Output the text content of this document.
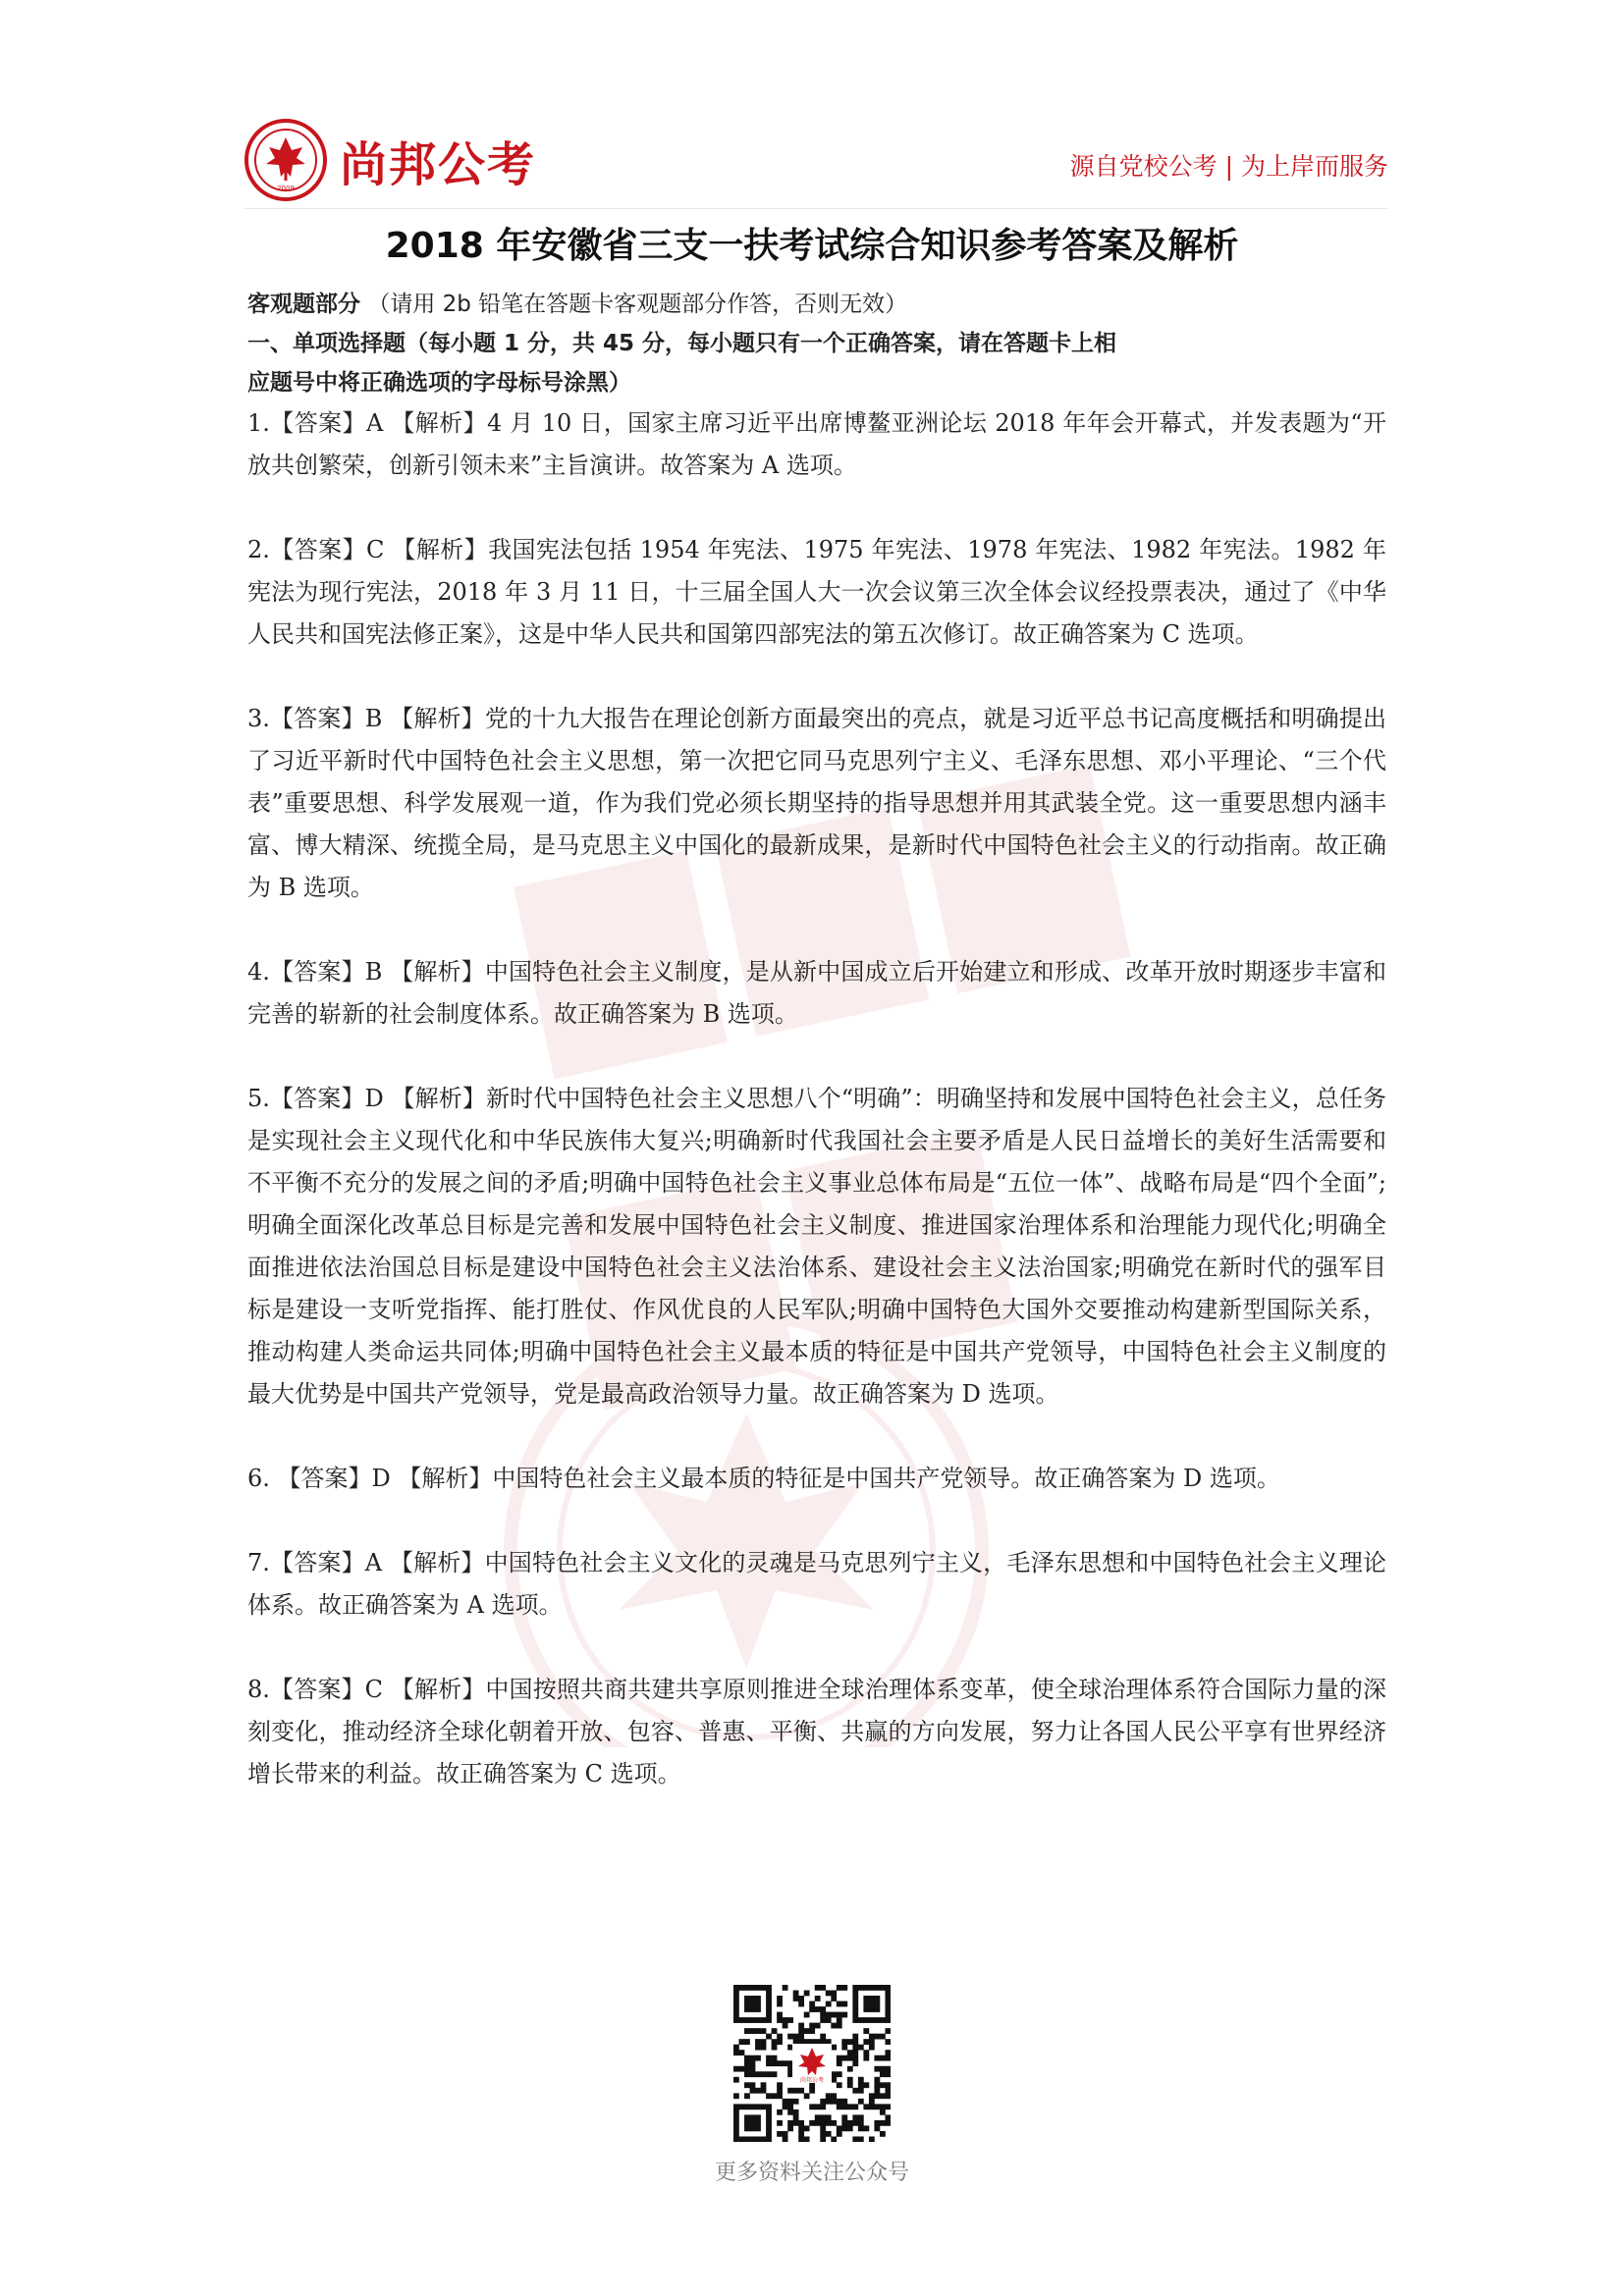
2009 尚邦公考	源自党校公考 | 为上岸而服务
2018 年安徽省三支一扶考试综合知识参考答案及解析
客观题部分 （请用 2b 铅笔在答题卡客观题部分作答，否则无效）
一、单项选择题（每小题 1 分，共 45 分，每小题只有一个正确答案，请在答题卡上相
应题号中将正确选项的字母标号涂黑）

1.【答案】A 【解析】4 月 10 日，国家主席习近平出席博鳌亚洲论坛 2018 年年会开幕式，并发表题为“开放共创繁荣，创新引领未来”主旨演讲。故答案为 A 选项。

2.【答案】C 【解析】我国宪法包括 1954 年宪法、1975 年宪法、1978 年宪法、1982 年宪法。1982 年宪法为现行宪法，2018 年 3 月 11 日，十三届全国人大一次会议第三次全体会议经投票表决，通过了《中华人民共和国宪法修正案》，这是中华人民共和国第四部宪法的第五次修订。故正确答案为 C 选项。

3.【答案】B 【解析】党的十九大报告在理论创新方面最突出的亮点，就是习近平总书记高度概括和明确提出了习近平新时代中国特色社会主义思想，第一次把它同马克思列宁主义、毛泽东思想、邓小平理论、“三个代表”重要思想、科学发展观一道，作为我们党必须长期坚持的指导思想并用其武装全党。这一重要思想内涵丰富、博大精深、统揽全局，是马克思主义中国化的最新成果，是新时代中国特色社会主义的行动指南。故正确为 B 选项。

4.【答案】B 【解析】中国特色社会主义制度，是从新中国成立后开始建立和形成、改革开放时期逐步丰富和完善的崭新的社会制度体系。故正确答案为 B 选项。

5.【答案】D 【解析】新时代中国特色社会主义思想八个“明确”：明确坚持和发展中国特色社会主义，总任务是实现社会主义现代化和中华民族伟大复兴;明确新时代我国社会主要矛盾是人民日益增长的美好生活需要和不平衡不充分的发展之间的矛盾;明确中国特色社会主义事业总体布局是“五位一体”、战略布局是“四个全面”;明确全面深化改革总目标是完善和发展中国特色社会主义制度、推进国家治理体系和治理能力现代化;明确全面推进依法治国总目标是建设中国特色社会主义法治体系、建设社会主义法治国家;明确党在新时代的强军目标是建设一支听党指挥、能打胜仗、作风优良的人民军队;明确中国特色大国外交要推动构建新型国际关系，推动构建人类命运共同体;明确中国特色社会主义最本质的特征是中国共产党领导，中国特色社会主义制度的最大优势是中国共产党领导，党是最高政治领导力量。故正确答案为 D 选项。

6. 【答案】D 【解析】中国特色社会主义最本质的特征是中国共产党领导。故正确答案为 D 选项。

7.【答案】A 【解析】中国特色社会主义文化的灵魂是马克思列宁主义，毛泽东思想和中国特色社会主义理论体系。故正确答案为 A 选项。

8.【答案】C 【解析】中国按照共商共建共享原则推进全球治理体系变革，使全球治理体系符合国际力量的深刻变化，推动经济全球化朝着开放、包容、普惠、平衡、共赢的方向发展，努力让各国人民公平享有世界经济增长带来的利益。故正确答案为 C 选项。

尚邦公考
更多资料关注公众号
